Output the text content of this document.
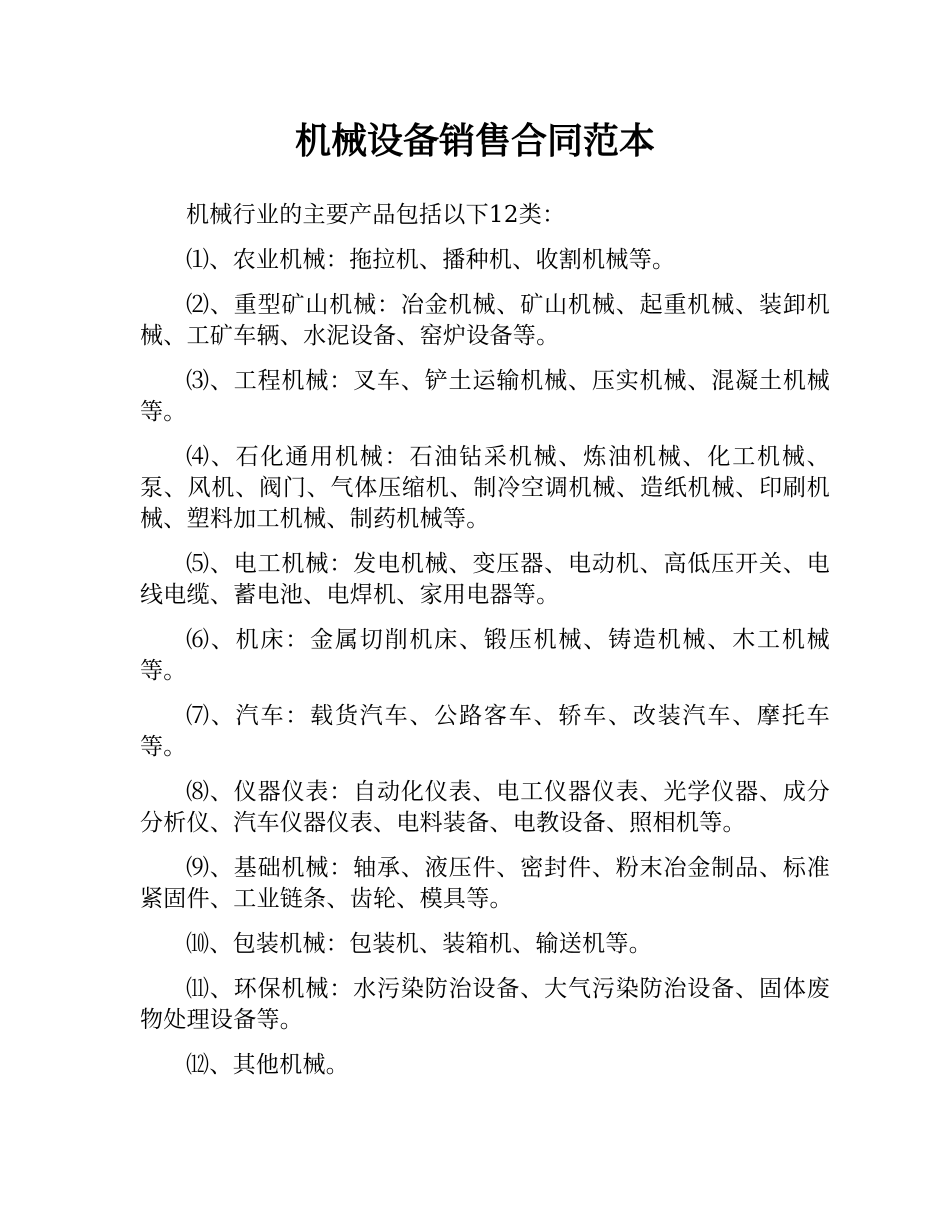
机械设备销售合同范本

机械行业的主要产品包括以下12类：

⑴、农业机械：拖拉机、播种机、收割机械等。

⑵、重型矿山机械：冶金机械、矿山机械、起重机械、装卸机械、工矿车辆、水泥设备、窑炉设备等。

⑶、工程机械：叉车、铲土运输机械、压实机械、混凝土机械等。

⑷、石化通用机械：石油钻采机械、炼油机械、化工机械、泵、风机、阀门、气体压缩机、制冷空调机械、造纸机械、印刷机械、塑料加工机械、制药机械等。

⑸、电工机械：发电机械、变压器、电动机、高低压开关、电线电缆、蓄电池、电焊机、家用电器等。

⑹、机床：金属切削机床、锻压机械、铸造机械、木工机械等。

⑺、汽车：载货汽车、公路客车、轿车、改装汽车、摩托车等。

⑻、仪器仪表：自动化仪表、电工仪器仪表、光学仪器、成分分析仪、汽车仪器仪表、电料装备、电教设备、照相机等。

⑼、基础机械：轴承、液压件、密封件、粉末冶金制品、标准紧固件、工业链条、齿轮、模具等。

⑽、包装机械：包装机、装箱机、输送机等。

⑾、环保机械：水污染防治设备、大气污染防治设备、固体废物处理设备等。

⑿、其他机械。
